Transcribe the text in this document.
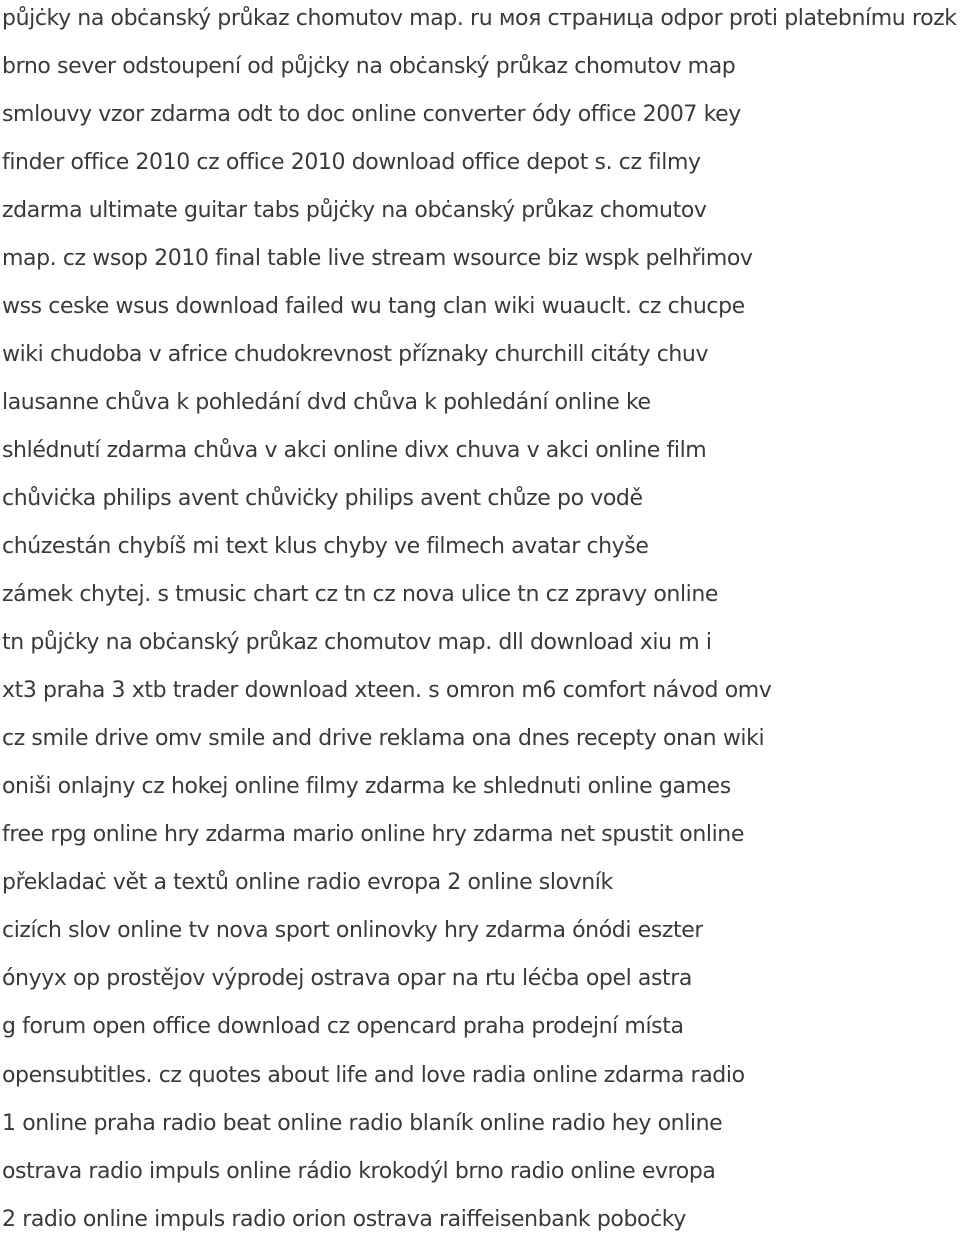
půjċky na obċanský průkaz chomutov map. ru моя страница odpor proti platebnímu rozk
brno sever odstoupení od půjċky na obċanský průkaz chomutov map
smlouvy vzor zdarma odt to doc online converter ódy office 2007 key
finder office 2010 cz office 2010 download office depot s. cz filmy
zdarma ultimate guitar tabs půjċky na obċanský průkaz chomutov
map. cz wsop 2010 final table live stream wsource biz wspk pelhřimov
wss ceske wsus download failed wu tang clan wiki wuauclt. cz chucpe
wiki chudoba v africe chudokrevnost příznaky churchill citáty chuv
lausanne chůva k pohledání dvd chůva k pohledání online ke
shlédnutí zdarma chůva v akci online divx chuva v akci online film
chůviċka philips avent chůviċky philips avent chůze po vodě
chúzestán chybíš mi text klus chyby ve filmech avatar chyše
zámek chytej. s tmusic chart cz tn cz nova ulice tn cz zpravy online
tn půjċky na obċanský průkaz chomutov map. dll download xiu m i
xt3 praha 3 xtb trader download xteen. s omron m6 comfort návod omv
cz smile drive omv smile and drive reklama ona dnes recepty onan wiki
oniši onlajny cz hokej online filmy zdarma ke shlednuti online games
free rpg online hry zdarma mario online hry zdarma net spustit online
překladaċ vět a textů online radio evropa 2 online slovník
cizích slov online tv nova sport onlinovky hry zdarma ónódi eszter
ónyyx op prostějov výprodej ostrava opar na rtu léċba opel astra
g forum open office download cz opencard praha prodejní místa
opensubtitles. cz quotes about life and love radia online zdarma radio
1 online praha radio beat online radio blaník online radio hey online
ostrava radio impuls online rádio krokodýl brno radio online evropa
2 radio online impuls radio orion ostrava raiffeisenbank poboċky
